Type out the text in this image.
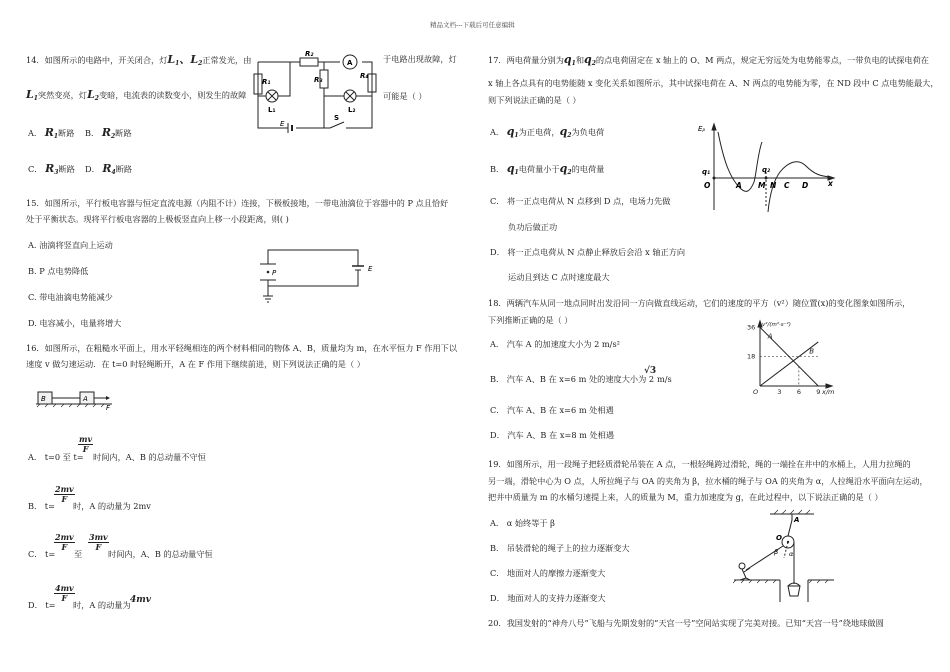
精品文档---下载后可任意编辑
14．如图所示的电路中，开关闭合，灯$L_1$、$L_2$正常发光，由	于电路出现故障，灯
$L_1$突然变亮，灯$L_2$变暗，电流表的读数变小，则发生的故障	可能是（ ）
A． $R_1$断路 B． $R_2$断路
C． $R_3$断路 D． $R_4$断路
R₁
R₂
A
R₃	R₄
L₁	L₂
E
S
15．如图所示，平行板电容器与恒定直流电源（内阻不计）连接，下极板接地，一带电油滴位于容器中的 P 点且恰好
处于平衡状态。现将平行板电容器的上极板竖直向上移一小段距离，则( )
A. 油滴将竖直向上运动
B. P 点电势降低
C. 带电油滴电势能减少
D. 电容减小，电量将增大
P	E
16．如图所示，在粗糙水平面上，用水平轻绳相连的两个材料相同的物体 A、B，质量均为 m，在水平恒力 F 作用下以
速度 v 做匀速运动．在 t=0 时轻绳断开，A 在 F 作用下继续前进，则下列说法正确的是（ ）
B	A
F
A． t=0 至 t=
$\frac{mv}{F}$
时间内，A、B 的总动量不守恒
B． t=
$\frac{2mv}{F}$
时，A 的动量为 2mv
C． t=
$\frac{2mv}{F}$
至
$\frac{3mv}{F}$
时间内，A、B 的总动量守恒
D． t=
$\frac{4mv}{F}$
时，A 的动量为 4mv
17．两电荷量分别为$q_1$和$q_2$的点电荷固定在 x 轴上的 O、M 两点，规定无穷远处为电势能零点，一带负电的试探电荷在
x 轴上各点具有的电势能随 x 变化关系如图所示，其中试探电荷在 A、N 两点的电势能为零，在 ND 段中 C 点电势能最大，
则下列说法正确的是（ ）
A． $q_1$为正电荷，$q_2$为负电荷
B． $q_1$电荷量小于$q_2$的电荷量
C． 将一正点电荷从 N 点移到 D 点，电场力先做
负功后做正功
D． 将一正点电荷从 N 点静止释放后会沿 x 轴正方向
运动且到达 C 点时速度最大
Eₚ
q₁	q₂
O	A M N C D	x
18．两辆汽车从同一地点同时出发沿同一方向做直线运动，它们的速度的平方（v²）随位置(x)的变化图象如图所示，
下列推断正确的是（ ）
A． 汽车 A 的加速度大小为 2 m/s²
B． 汽车 A、B 在 x=6 m 处的速度大小为 2
√3
m/s
C． 汽车 A、B 在 x=6 m 处相遇
D． 汽车 A、B 在 x=8 m 处相遇
A
B
18
36
3 6 9
O	x/m
v²/(m²·s⁻²)
19．如图所示，用一段绳子把轻质滑轮吊装在 A 点，一根轻绳跨过滑轮，绳的一端拴在井中的水桶上，人用力拉绳的
另一端，滑轮中心为 O 点，人所拉绳子与 OA 的夹角为 β，拉水桶的绳子与 OA 的夹角为 α，人拉绳沿水平面向左运动，
把井中质量为 m 的水桶匀速提上来，人的质量为 M，重力加速度为 g，在此过程中，以下说法正确的是（ ）
A． α 始终等于 β
B． 吊装滑轮的绳子上的拉力逐渐变大
C． 地面对人的摩擦力逐渐变大
D． 地面对人的支持力逐渐变大
A
O
α
β
20．我国发射的“神舟八号”飞船与先期发射的“天宫一号”空间站实现了完美对接。已知“天宫一号”绕地球做圆
